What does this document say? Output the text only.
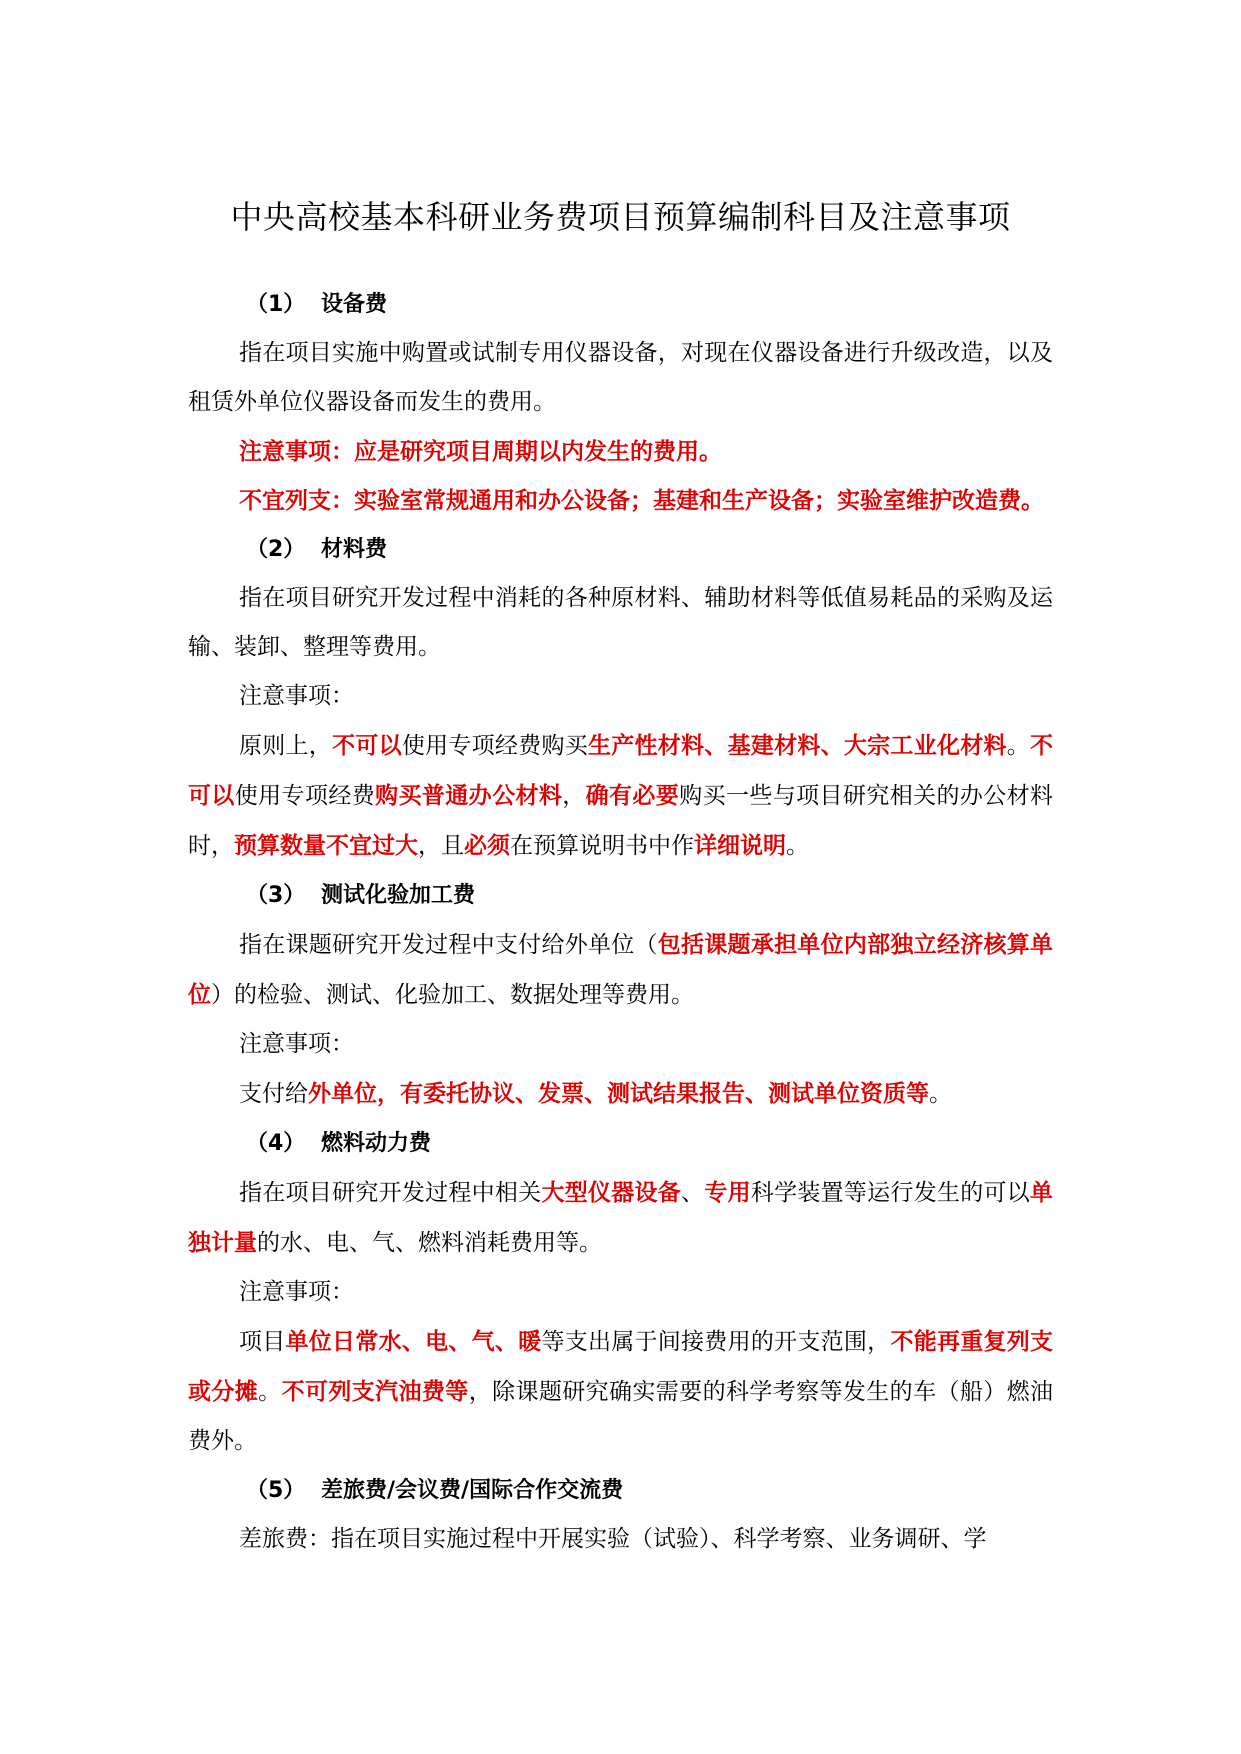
中央高校基本科研业务费项目预算编制科目及注意事项

（1） 设备费

指在项目实施中购置或试制专用仪器设备，对现在仪器设备进行升级改造，以及租赁外单位仪器设备而发生的费用。

注意事项：应是研究项目周期以内发生的费用。

不宜列支：实验室常规通用和办公设备；基建和生产设备；实验室维护改造费。

（2） 材料费

指在项目研究开发过程中消耗的各种原材料、辅助材料等低值易耗品的采购及运输、装卸、整理等费用。

注意事项：

原则上，不可以使用专项经费购买生产性材料、基建材料、大宗工业化材料。不可以使用专项经费购买普通办公材料，确有必要购买一些与项目研究相关的办公材料时，预算数量不宜过大，且必须在预算说明书中作详细说明。

（3） 测试化验加工费

指在课题研究开发过程中支付给外单位（包括课题承担单位内部独立经济核算单位）的检验、测试、化验加工、数据处理等费用。

注意事项：

支付给外单位，有委托协议、发票、测试结果报告、测试单位资质等。

（4） 燃料动力费

指在项目研究开发过程中相关大型仪器设备、专用科学装置等运行发生的可以单独计量的水、电、气、燃料消耗费用等。

注意事项：

项目单位日常水、电、气、暖等支出属于间接费用的开支范围，不能再重复列支或分摊。不可列支汽油费等，除课题研究确实需要的科学考察等发生的车（船）燃油费外。

（5） 差旅费/会议费/国际合作交流费

差旅费：指在项目实施过程中开展实验（试验）、科学考察、业务调研、学
